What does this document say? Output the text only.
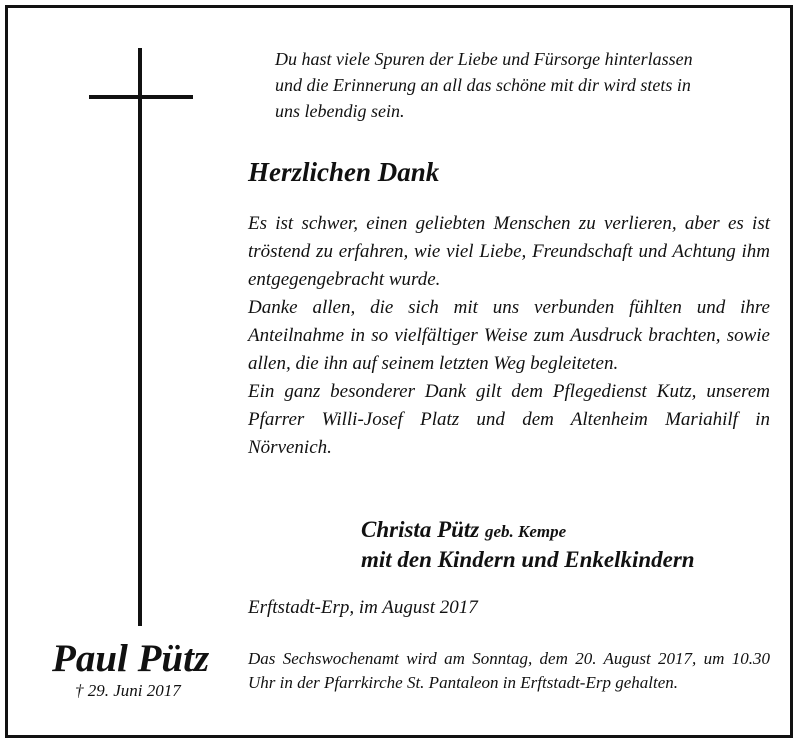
Du hast viele Spuren der Liebe und Fürsorge hinterlassen
und die Erinnerung an all das schöne mit dir wird stets in
uns lebendig sein.
Herzlichen Dank

Es ist schwer, einen geliebten Menschen zu verlieren, aber es ist tröstend zu erfahren, wie viel Liebe, Freundschaft und Achtung ihm entgegengebracht wurde.

Danke allen, die sich mit uns verbunden fühlten und ihre Anteilnahme in so vielfältiger Weise zum Ausdruck brachten, sowie allen, die ihn auf seinem letzten Weg begleiteten.

Ein ganz besonderer Dank gilt dem Pflegedienst Kutz, unserem Pfarrer Willi-Josef Platz und dem Altenheim Mariahilf in Nörvenich.

Christa Pütz geb. Kempe
mit den Kindern und Enkelkindern
Erftstadt-Erp, im August 2017
Paul Pütz
† 29. Juni 2017
Das Sechswochenamt wird am Sonntag, dem 20. August 2017, um 10.30 Uhr in der Pfarrkirche St. Pantaleon in Erftstadt-Erp gehalten.
